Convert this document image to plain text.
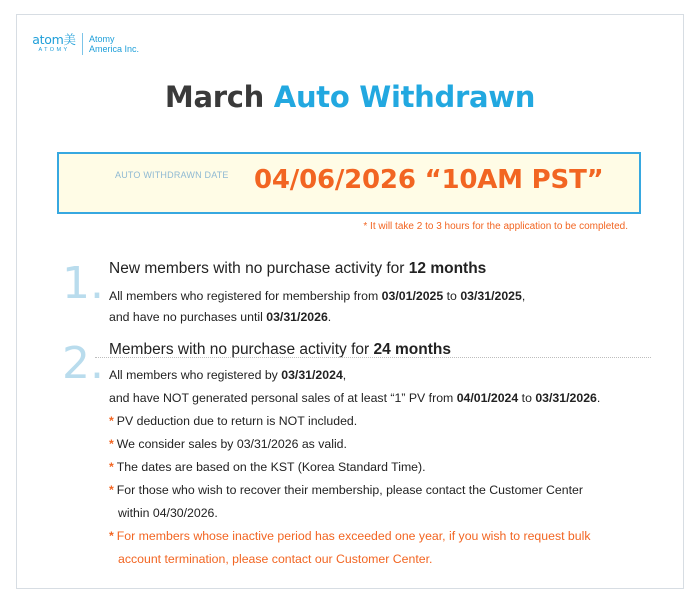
atom美
ATOMY
Atomy
America Inc.
March Auto Withdrawn
AUTO WITHDRAWN DATE 04/06/2026 “10AM PST”
* It will take 2 to 3 hours for the application to be completed.
1. New members with no purchase activity for 12 months
All members who registered for membership from 03/01/2025 to 03/31/2025,
and have no purchases until 03/31/2026.
2. Members with no purchase activity for 24 months
All members who registered by 03/31/2024,
and have NOT generated personal sales of at least “1” PV from 04/01/2024 to 03/31/2026.
* PV deduction due to return is NOT included.
* We consider sales by 03/31/2026 as valid.
* The dates are based on the KST (Korea Standard Time).
* For those who wish to recover their membership, please contact the Customer Center
within 04/30/2026.
* For members whose inactive period has exceeded one year, if you wish to request bulk
account termination, please contact our Customer Center.
